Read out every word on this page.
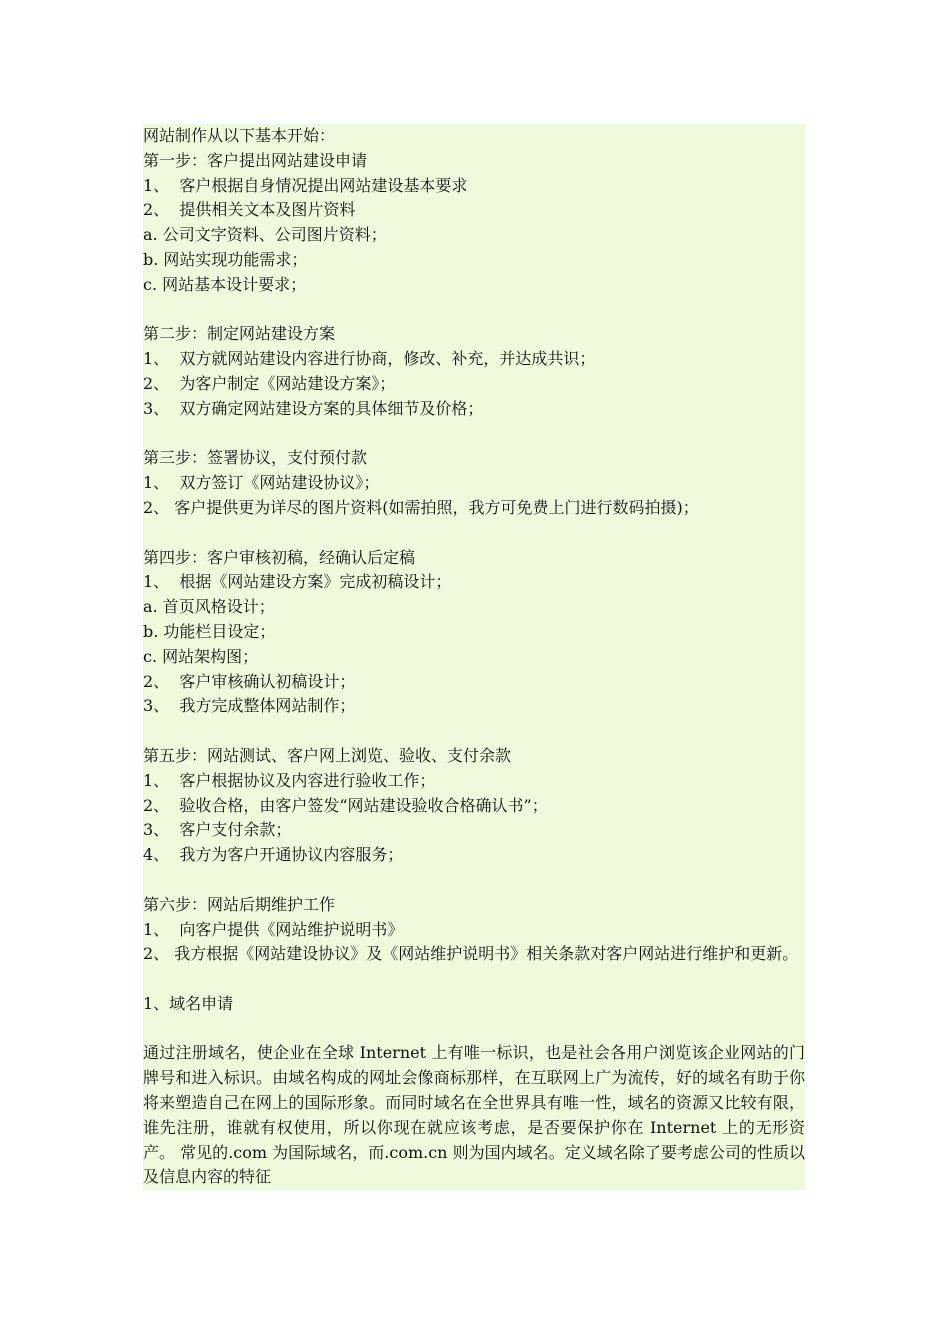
网站制作从以下基本开始：
第一步：客户提出网站建设申请
1、  客户根据自身情况提出网站建设基本要求
2、  提供相关文本及图片资料
a. 公司文字资料、公司图片资料；
b. 网站实现功能需求；
c. 网站基本设计要求；
第二步：制定网站建设方案
1、  双方就网站建设内容进行协商，修改、补充，并达成共识；
2、  为客户制定《网站建设方案》；
3、  双方确定网站建设方案的具体细节及价格；
第三步：签署协议，支付预付款
1、  双方签订《网站建设协议》；
2、 客户提供更为详尽的图片资料(如需拍照，我方可免费上门进行数码拍摄)；
第四步：客户审核初稿，经确认后定稿
1、  根据《网站建设方案》完成初稿设计；
a. 首页风格设计；
b. 功能栏目设定；
c. 网站架构图；
2、  客户审核确认初稿设计；
3、  我方完成整体网站制作；
第五步：网站测试、客户网上浏览、验收、支付余款
1、  客户根据协议及内容进行验收工作；
2、  验收合格，由客户签发“网站建设验收合格确认书”；
3、  客户支付余款；
4、  我方为客户开通协议内容服务；
第六步：网站后期维护工作
1、  向客户提供《网站维护说明书》
2、 我方根据《网站建设协议》及《网站维护说明书》相关条款对客户网站进行维护和更新。
1、域名申请
通过注册域名，使企业在全球 Internet 上有唯一标识，也是社会各用户浏览该企业网站的门牌号和进入标识。由域名构成的网址会像商标那样，在互联网上广为流传，好的域名有助于你将来塑造自己在网上的国际形象。而同时域名在全世界具有唯一性，域名的资源又比较有限，谁先注册，谁就有权使用，所以你现在就应该考虑，是否要保护你在 Internet 上的无形资产。 常见的.com 为国际域名，而.com.cn 则为国内域名。定义域名除了要考虑公司的性质以及信息内容的特征
